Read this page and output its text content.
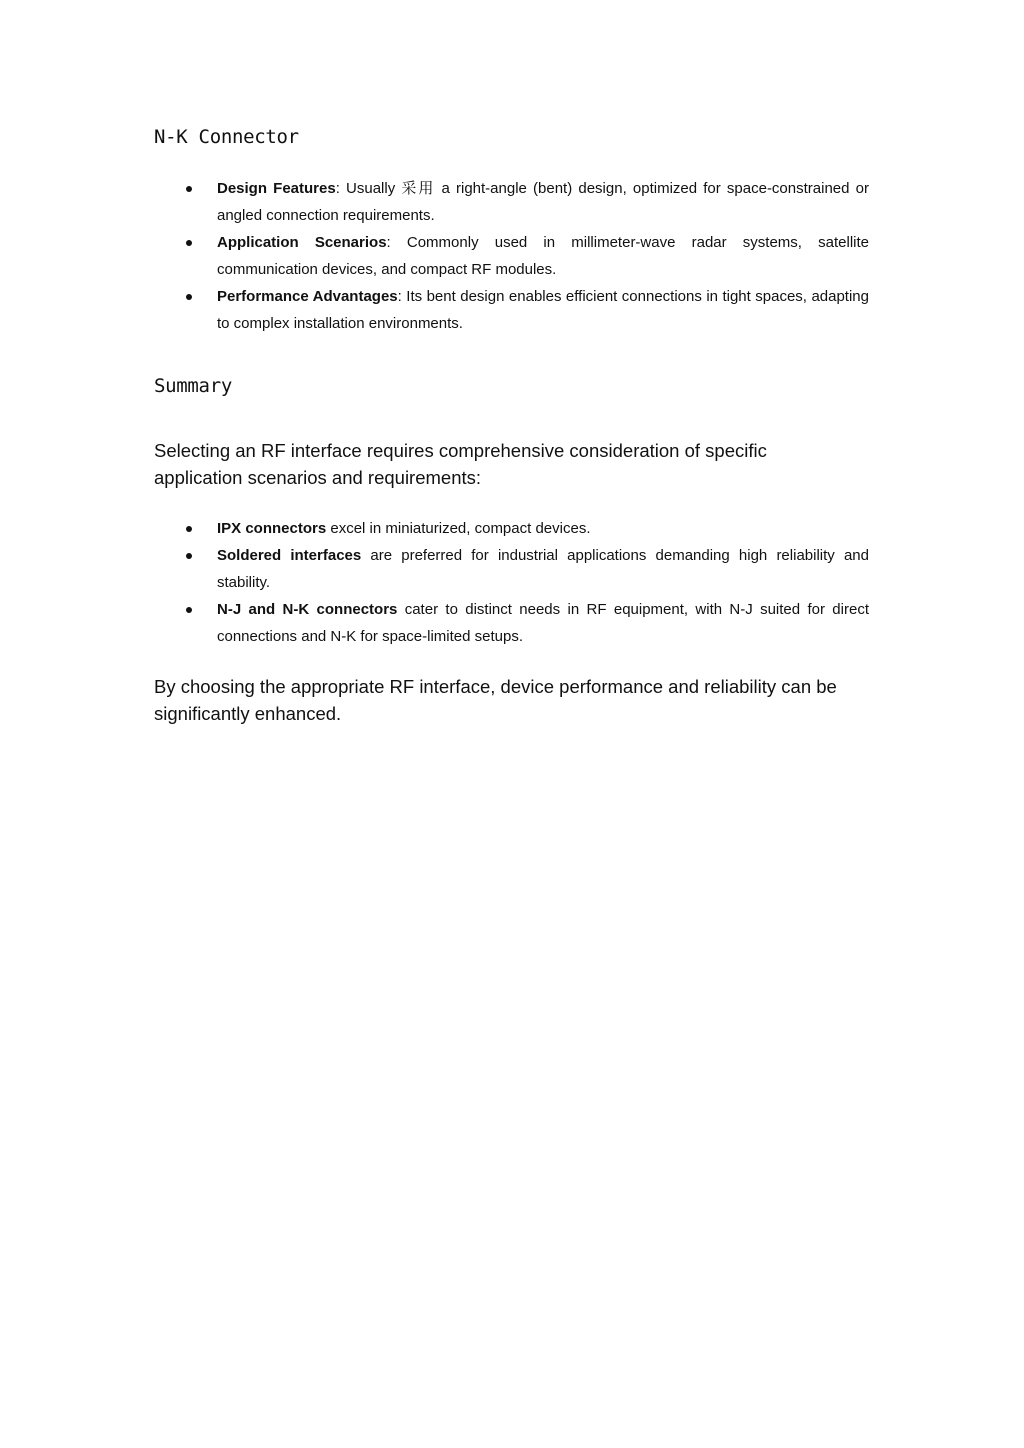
N-K Connector
Design Features: Usually 采用 a right-angle (bent) design, optimized for space-constrained or angled connection requirements.
Application Scenarios: Commonly used in millimeter-wave radar systems, satellite communication devices, and compact RF modules.
Performance Advantages: Its bent design enables efficient connections in tight spaces, adapting to complex installation environments.
Summary

Selecting an RF interface requires comprehensive consideration of specific application scenarios and requirements:

IPX connectors excel in miniaturized, compact devices.
Soldered interfaces are preferred for industrial applications demanding high reliability and stability.
N-J and N-K connectors cater to distinct needs in RF equipment, with N-J suited for direct connections and N-K for space-limited setups.

By choosing the appropriate RF interface, device performance and reliability can be significantly enhanced.
